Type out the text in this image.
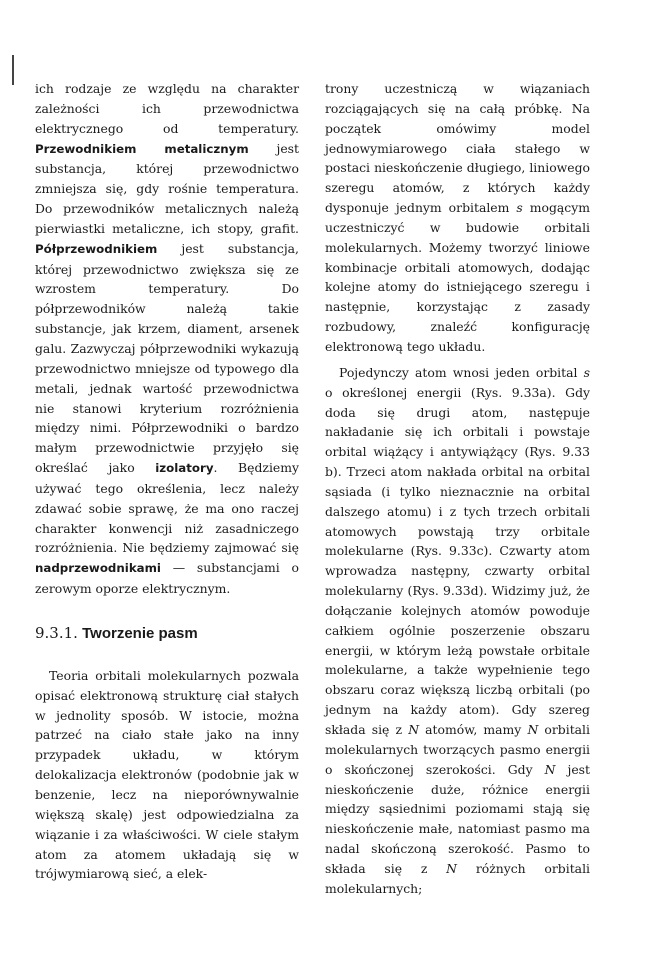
ich rodzaje ze względu na charakter zależności ich przewodnictwa elektrycznego od temperatury. Przewodnikiem metalicznym jest substancja, której przewodnictwo zmniejsza się, gdy rośnie temperatura. Do przewodników metalicznych należą pierwiastki metaliczne, ich stopy, grafit. Półprzewodnikiem jest substancja, której przewodnictwo zwiększa się ze wzrostem temperatury. Do półprzewodników należą takie substancje, jak krzem, diament, arsenek galu. Zazwyczaj półprzewodniki wykazują przewodnictwo mniejsze od typowego dla metali, jednak wartość przewodnictwa nie stanowi kryterium rozróżnienia między nimi. Półprzewodniki o bardzo małym przewodnictwie przyjęło się określać jako izolatory. Będziemy używać tego określenia, lecz należy zdawać sobie sprawę, że ma ono raczej charakter konwencji niż zasadniczego rozróżnienia. Nie będziemy zajmować się nadprzewodnikami — substancjami o zerowym oporze elektrycznym.

9.3.1. Tworzenie pasm

Teoria orbitali molekularnych pozwala opisać elektronową strukturę ciał stałych w jednolity sposób. W istocie, można patrzeć na ciało stałe jako na inny przypadek układu, w którym delokalizacja elektronów (podobnie jak w benzenie, lecz na nieporównywalnie większą skalę) jest odpowiedzialna za wiązanie i za właściwości. W ciele stałym atom za atomem układają się w trójwymiarową sieć, a elek-

trony uczestniczą w wiązaniach rozciągających się na całą próbkę. Na początek omówimy model jednowymiarowego ciała stałego w postaci nieskończenie długiego, liniowego szeregu atomów, z których każdy dysponuje jednym orbitalem s mogącym uczestniczyć w budowie orbitali molekularnych. Możemy tworzyć liniowe kombinacje orbitali atomowych, dodając kolejne atomy do istniejącego szeregu i następnie, korzystając z zasady rozbudowy, znaleźć konfigurację elektronową tego układu.

Pojedynczy atom wnosi jeden orbital s o określonej energii (Rys. 9.33a). Gdy doda się drugi atom, następuje nakładanie się ich orbitali i powstaje orbital wiążący i antywiążący (Rys. 9.33 b). Trzeci atom nakłada orbital na orbital sąsiada (i tylko nieznacznie na orbital dalszego atomu) i z tych trzech orbitali atomowych powstają trzy orbitale molekularne (Rys. 9.33c). Czwarty atom wprowadza następny, czwarty orbital molekularny (Rys. 9.33d). Widzimy już, że dołączanie kolejnych atomów powoduje całkiem ogólnie poszerzenie obszaru energii, w którym leżą powstałe orbitale molekularne, a także wypełnienie tego obszaru coraz większą liczbą orbitali (po jednym na każdy atom). Gdy szereg składa się z N atomów, mamy N orbitali molekularnych tworzących pasmo energii o skończonej szerokości. Gdy N jest nieskończenie duże, różnice energii między sąsiednimi poziomami stają się nieskończenie małe, natomiast pasmo ma nadal skończoną szerokość. Pasmo to składa się z N różnych orbitali molekularnych;
